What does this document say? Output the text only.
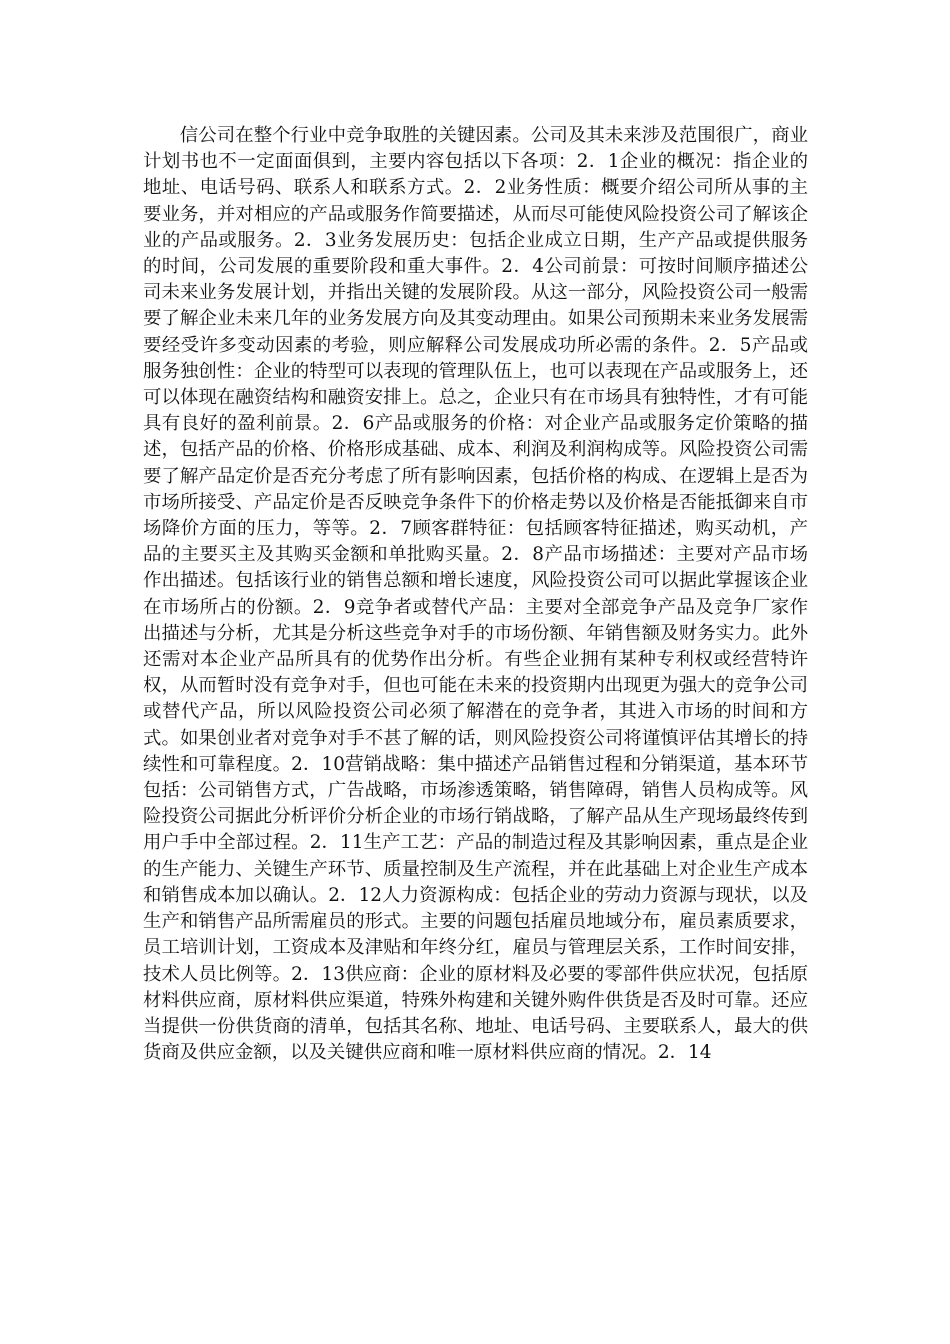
信公司在整个行业中竞争取胜的关键因素。公司及其未来涉及范围很广，商业计划书也不一定面面俱到，主要内容包括以下各项：2．1企业的概况：指企业的地址、电话号码、联系人和联系方式。2．2业务性质：概要介绍公司所从事的主要业务，并对相应的产品或服务作简要描述，从而尽可能使风险投资公司了解该企业的产品或服务。2．3业务发展历史：包括企业成立日期，生产产品或提供服务的时间，公司发展的重要阶段和重大事件。2．4公司前景：可按时间顺序描述公司未来业务发展计划，并指出关键的发展阶段。从这一部分，风险投资公司一般需要了解企业未来几年的业务发展方向及其变动理由。如果公司预期未来业务发展需要经受许多变动因素的考验，则应解释公司发展成功所必需的条件。2．5产品或服务独创性：企业的特型可以表现的管理队伍上，也可以表现在产品或服务上，还可以体现在融资结构和融资安排上。总之，企业只有在市场具有独特性，才有可能具有良好的盈利前景。2．6产品或服务的价格：对企业产品或服务定价策略的描述，包括产品的价格、价格形成基础、成本、利润及利润构成等。风险投资公司需要了解产品定价是否充分考虑了所有影响因素，包括价格的构成、在逻辑上是否为市场所接受、产品定价是否反映竞争条件下的价格走势以及价格是否能抵御来自市场降价方面的压力，等等。2．7顾客群特征：包括顾客特征描述，购买动机，产品的主要买主及其购买金额和单批购买量。2．8产品市场描述：主要对产品市场作出描述。包括该行业的销售总额和增长速度，风险投资公司可以据此掌握该企业在市场所占的份额。2．9竞争者或替代产品：主要对全部竞争产品及竞争厂家作出描述与分析，尤其是分析这些竞争对手的市场份额、年销售额及财务实力。此外还需对本企业产品所具有的优势作出分析。有些企业拥有某种专利权或经营特许权，从而暂时没有竞争对手，但也可能在未来的投资期内出现更为强大的竞争公司或替代产品，所以风险投资公司必须了解潜在的竞争者，其进入市场的时间和方式。如果创业者对竞争对手不甚了解的话，则风险投资公司将谨慎评估其增长的持续性和可靠程度。2．10营销战略：集中描述产品销售过程和分销渠道，基本环节包括：公司销售方式，广告战略，市场渗透策略，销售障碍，销售人员构成等。风险投资公司据此分析评价分析企业的市场行销战略，了解产品从生产现场最终传到用户手中全部过程。2．11生产工艺：产品的制造过程及其影响因素，重点是企业的生产能力、关键生产环节、质量控制及生产流程，并在此基础上对企业生产成本和销售成本加以确认。2．12人力资源构成：包括企业的劳动力资源与现状，以及生产和销售产品所需雇员的形式。主要的问题包括雇员地域分布，雇员素质要求，员工培训计划，工资成本及津贴和年终分红，雇员与管理层关系，工作时间安排，技术人员比例等。2．13供应商：企业的原材料及必要的零部件供应状况，包括原材料供应商，原材料供应渠道，特殊外构建和关键外购件供货是否及时可靠。还应当提供一份供货商的清单，包括其名称、地址、电话号码、主要联系人，最大的供货商及供应金额，以及关键供应商和唯一原材料供应商的情况。2．14
